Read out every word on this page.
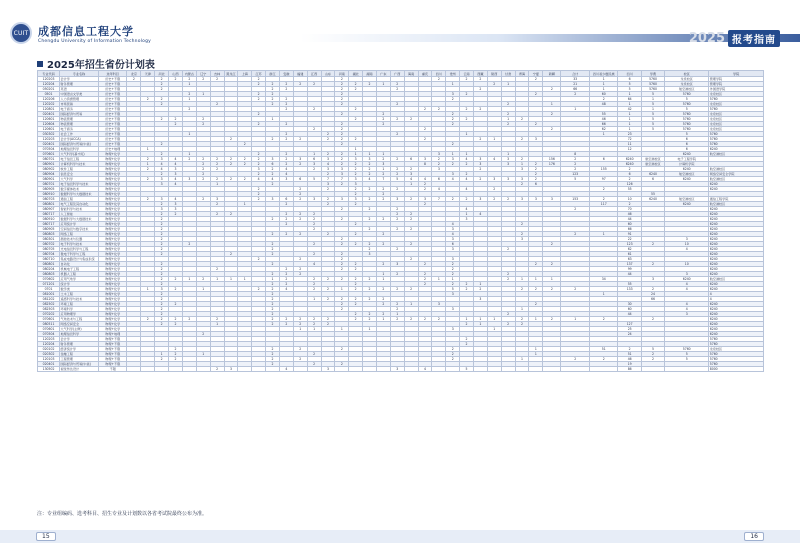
CUIT 成都信息工程大学
Chengdu University of Information Technology	2025 报考指南
2025年招生省份计划表
专业代码	专业名称	选考科目	北京	天津	河北	山西	内蒙古	辽宁	吉林	黑龙江	上海	江苏	浙江	安徽	福建	江西	山东	河南	湖北	湖南	广东	广西	海南	重庆	四川	贵州	云南	西藏	陕西	甘肃	青海	宁夏	新疆	合计	四川省少数民族	四川	学费	校区	学院
120203	会计学	历史+不限	2		2	2	2	2	2			2						2							2		2	2				2		33	1	6	5760	龙泉校区	管理学院
120204	财务管理	历史+不限			2		1					2	2	2	2	2		2	2	2	1	2				1			2	1				21	1	5	5760	龙泉校区	管理学院
050201	英语	历史+不限			2								2	2				2	2			2						2					2	66	1	5	5760	航空港校区	外国语学院
0501	中国语言文学类	历史+不限					2	1				2	2					2								3	2					2		2	60	1	5	5760	龙泉校区
120206	人力资源管理	历史+不限		2	2		1					2	2	2				2								2									2	64	1	5	5760
120202	市场营销	历史+不限			2				2				2	2				2				2								2			1		48	1	5	5760	龙泉校区
120801	电子商务	历史+不限					2							2		2			2					2	2		2	2						1		42	1	5	5760
020401	国际经济与贸易	历史+不限										2						2			2					2				2			2		55	1	5	5760	龙泉校区
120601	物流管理	历史+不限			2	2		2					1						2		2	2	2			2	2			1	2				46	1	5	5760	龙泉校区
120604	物流管理	历史+不限				2		2				2		2				2			2					2				2		2			66	1	5	5760	龙泉校区
120601	电子商务	历史+不限														2		2						2									2		62	1	5	5760	龙泉校区
030302	社会工作	历史+不限					1							2			2	2				2					1								1	23		5	5760
120203	会计学(ACCA)	历史+不限								2			2	2	2		2	2	2					2				2	1		2	3				72		6	5760
020401	国际经济与贸易(中美)	历史+不限			2						2							2								2										11		6	5760
070504	地理信息科学	历史+地理		1															1																	12		6	6240
070601	大气科学(基才班)	物理+化学			2		1					2		2		1	2	2	1	1	1				3	1	1			1				8				6240	航空港校区
080701	电子信息工程	物理+化学		2	3	4	2	2	2	2	2	2	3	2	3	6	3	2	3	3	2	2	6	3	2	3	4	3	4	3	2		156	2	6	6240	航空港校区	电子工程学院	
080901	计算机科学与技术	物理+化学		1	4	4		2	2	2	2	2	6	2	2	3	4	2	2	2	3			8	2	2	2	3		3	1	2	176	2		6240	航空港校区	计算机学院	
080902	软件工程	物理+化学		2	4	3		2	2			3	2	4		2	3	3	2	2	1	2	2		3			2			3	2		2	155	2		6240	航空港校区
080904	信息安全	物理+化学			2	3		2				2	2	4			2	3	2	2	2	2	3			3	2					2		123		6	6240	航空港校区	网络空间安全学院
080901	大气科学	物理+化学		2	3	4	3	2	2	2	2	4	4	3	6	5	7	7	3	4	7	5	4	4	6	4	4	2	3	3	3	2		5	97	2	6	6240	航空港校区
080701	电子信息科学与技术	物理+化学			3	4			1				2				3	2	3				1	2							2	6				126			6240
080905	数字媒体技术	物理+化学										2			2		2		2	2	2	2		2	4		4		2						2	55			6240
080910	数据科学与大数据技术	物理+化学										2			2				2		2																55		
080703	通信工程	物理+化学		2	3	4		2	3			2	3	6	2	3	2	3	3	2	2	3	2	3	7	2	2	3	2	2	3	3	3	153	2	10	6240	航空港校区	通信工程学院
080801	电气工程及其自动化	物理+化学			2	3			2		1			2			2		2					2											117	2		6240	航空港校区
080907	智能科学与技术	物理+化学			3	3												2		2		2					4							2		70			6240
080717	人工智能	物理+化学			2	2			2	2				2	2	2						2	2				1	4								46			6240
080910	数据科学与大数据技术	物理+化学			2								2	2	2	2		2		2	2	2	2				3									44			6240
080717	应用统计学	物理+化学			2									2		2			2							4					2					60			6240
080905	空间信息与数字技术	物理+化学			2											2				2		2	2			3										66			6240
080803	网络工程	物理+化学			2								2	2	2		2		2		2					4					2			2	1	91			6240
080301	测控技术与仪器	物理+化学			2													2								3					3					22		3	6240
080702	电子科学与技术	物理+化学			2		2						2			2		2	2	2	2		2			6							2			123	2	10	6240
080705	光电信息科学与工程	物理+化学			2								2							2		2				3				2						62		4	6240
080704	微电子科学与工程	物理+化学			2					2			2			2		2		3																61			6240
080710	集成电路设计与集成系统	物理+化学										2			2			2					2			3										63			6240
080801	自动化	物理+化学			2								2			4		2	2		2	3		2		2						2	2			137	2	10	6240
080204	机械电子工程	物理+化学			2				2					2	2			2	2							2										99			6240
080803	机器人工程	物理+化学			2								2	2	2						1	2		2		2				2						44		3	6240
070602	应用气象学	物理+化学			2	2	1	2	1	1	1		1	2		2	2	2	2	2	1			2	1	1				2	1	1	1		34		3	6240	航空港校区
071201	统计学	物理+化学			2								2	2		2			2					2		2	2	1								55		4	6240
0701	数学类	物理+化学		1	3	2		1				2	2	4		2	2	1	2	2	2	2	2			5	2	2			2	2	2	2		133	2	4	6240
081001	土木工程	物理+化学			2								2													3									1		24		4
081202	遥感科学与技术	物理+化学			2								2			1	2	2	2	2	2							3									66		4
082502	环境工程	物理+化学			2	2							2					2	2		2	2	1		3							2				30		4	6240
082503	环境科学	物理+化学			2								2					2				2				3					1					60		4	6240
070202	应用物理学	物理+化学			2								2						2	2	2	1								2						44		3	6240
070601	气象技术与工程	物理+化学		2	2	2	2		2				2	2	2	2	2		2	2	1	2	2	2	2		1	1	1		2	1	2	1	2		2		6240
080511	网络空间安全	物理+化学			2	2			1				2	2	2	2	2										2	1		2	2					127			6240
070601	大气科学(主修)	物理+化学													1	1		1		1						3			1							25			6240
070504	地理信息科学	物理+地理						2																												24			6240
120203	会计学	物理+不限																									2												5760
120204	财务管理	物理+不限																									2												5760
020102	经济统计学	物理+不限				2							2		2			2								2						1			51	2	5	5760	龙泉校区
020302	金融工程	物理+不限			1	2		1					2			2										2						1				51	2	5	5760
120103	工程管理	物理+不限			2	2							2		2											2					1			2	2	46	2	5	5760
020401	国际经济与贸易(中美)	物理+不限											2			2		2																		19			5760
130502	视觉传达设计	不限							2	3				4			3					3		4			5									86			8000
注：专业组编码、选考科目、招生专业及计划数以各省考试院最终公布为准。
15	16
